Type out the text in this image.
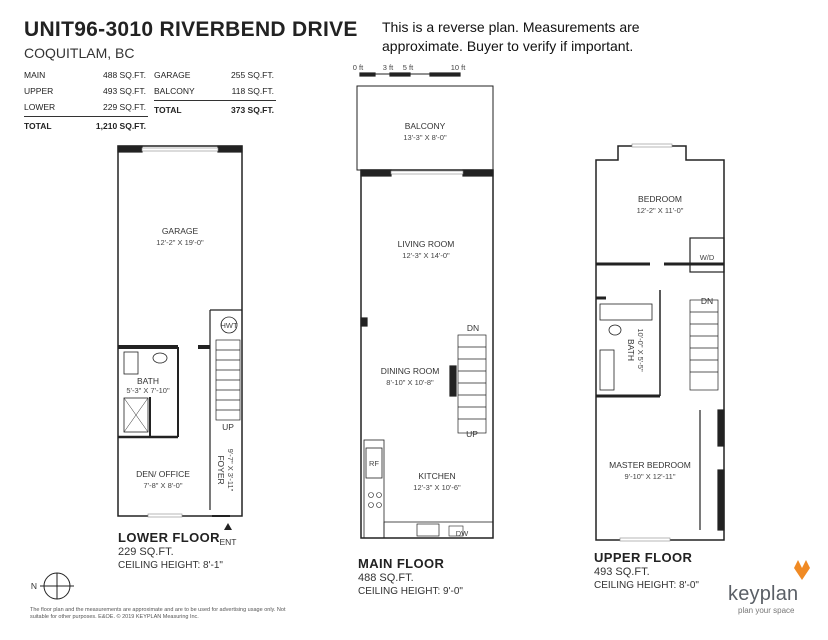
UNIT96-3010 RIVERBEND DRIVE
COQUITLAM, BC
This is a reverse plan. Measurements are approximate. Buyer to verify if important.
MAIN	488 SQ.FT.
UPPER	493 SQ.FT.
LOWER	229 SQ.FT.
TOTAL	1,210 SQ.FT.
GARAGE	255 SQ.FT.
BALCONY	118 SQ.FT.
TOTAL	373 SQ.FT.
GARAGE
12'-2" X 19'-0"
BATH
5'-3" X 7'-10"
DEN/ OFFICE
7'-8" X 8'-0"
FOYER 9'-7" X 3'-11"
HWT
UP
ENT
BALCONY
13'-3" X 8'-0"
LIVING ROOM
12'-3" X 14'-0"
DINING ROOM
8'-10" X 10'-8"
KITCHEN
12'-3" X 10'-6"
DN
UP
RF
DW
BEDROOM
12'-2" X 11'-0"
W/D
DN
BATH 10'-0" X 5'-5"
MASTER BEDROOM
9'-10" X 12'-11"
0 ft	3 ft 5 ft	10 ft
N
LOWER FLOOR
229 SQ.FT.
CEILING HEIGHT: 8'-1"	MAIN FLOOR
488 SQ.FT.
CEILING HEIGHT: 9'-0"
UPPER FLOOR
493 SQ.FT.
CEILING HEIGHT: 8'-0"
The floor plan and the measurements are approximate and are to be used for advertising usage only. Not suitable for other purposes. E&OE. © 2019 KEYPLAN Measuring Inc.
keyplan
plan your space
